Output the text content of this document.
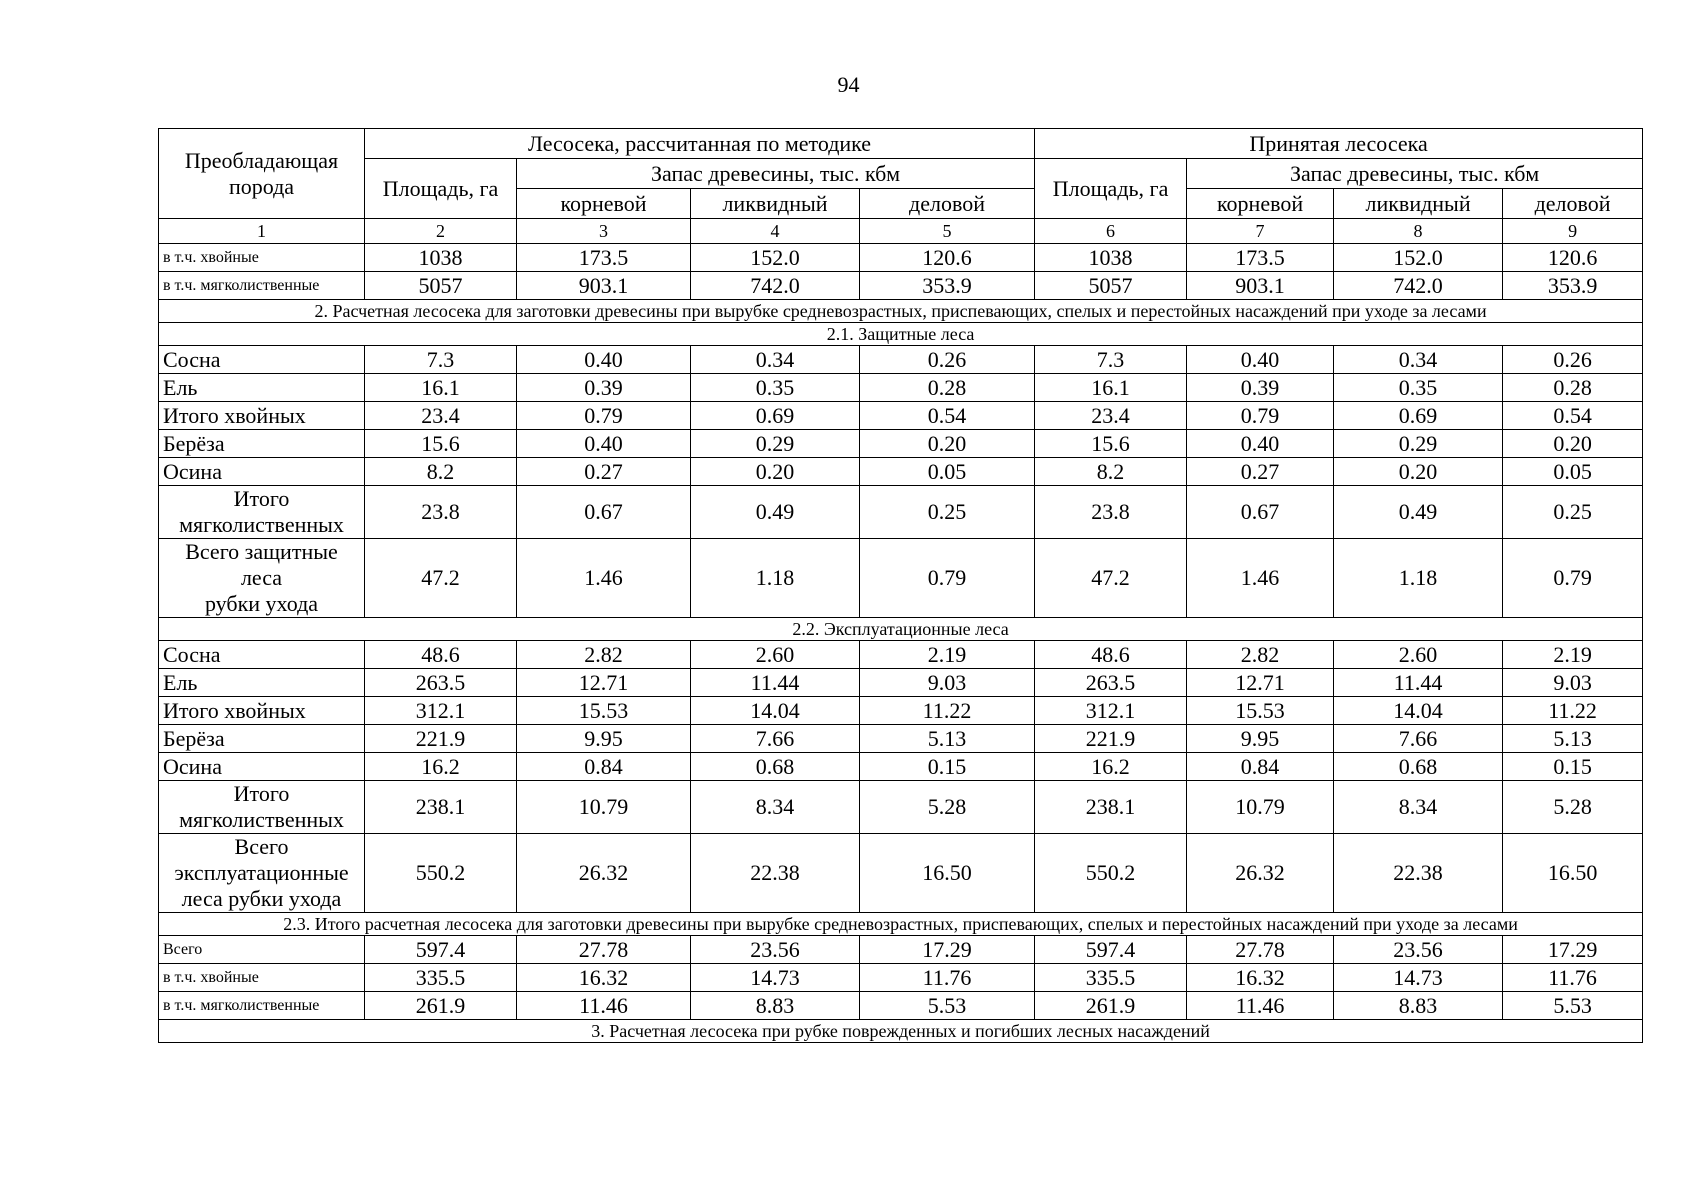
94
Преобладающая порода	Лесосека, рассчитанная по методике				Принятая лесосека			
	Площадь, га	Запас древесины, тыс. кбм			Площадь, га	Запас древесины, тыс. кбм		
		корневой	ликвидный	деловой		корневой	ликвидный	деловой
1	2	3	4	5	6	7	8	9
в т.ч. хвойные	1038	173.5	152.0	120.6	1038	173.5	152.0	120.6
в т.ч. мягколиственные	5057	903.1	742.0	353.9	5057	903.1	742.0	353.9
2. Расчетная лесосека для заготовки древесины при вырубке средневозрастных, приспевающих, спелых и перестойных насаждений при уходе за лесами								
2.1. Защитные леса								
Сосна	7.3	0.40	0.34	0.26	7.3	0.40	0.34	0.26
Ель	16.1	0.39	0.35	0.28	16.1	0.39	0.35	0.28
Итого хвойных	23.4	0.79	0.69	0.54	23.4	0.79	0.69	0.54
Берёза	15.6	0.40	0.29	0.20	15.6	0.40	0.29	0.20
Осина	8.2	0.27	0.20	0.05	8.2	0.27	0.20	0.05
Итого
мягколиственных	23.8	0.67	0.49	0.25	23.8	0.67	0.49	0.25
Всего защитные
леса
рубки ухода	47.2	1.46	1.18	0.79	47.2	1.46	1.18	0.79
2.2. Эксплуатационные леса								
Сосна	48.6	2.82	2.60	2.19	48.6	2.82	2.60	2.19
Ель	263.5	12.71	11.44	9.03	263.5	12.71	11.44	9.03
Итого хвойных	312.1	15.53	14.04	11.22	312.1	15.53	14.04	11.22
Берёза	221.9	9.95	7.66	5.13	221.9	9.95	7.66	5.13
Осина	16.2	0.84	0.68	0.15	16.2	0.84	0.68	0.15
Итого
мягколиственных	238.1	10.79	8.34	5.28	238.1	10.79	8.34	5.28
Всего
эксплуатационные
леса рубки ухода	550.2	26.32	22.38	16.50	550.2	26.32	22.38	16.50
2.3. Итого расчетная лесосека для заготовки древесины при вырубке средневозрастных, приспевающих, спелых и перестойных насаждений при уходе за лесами								
Всего	597.4	27.78	23.56	17.29	597.4	27.78	23.56	17.29
в т.ч. хвойные	335.5	16.32	14.73	11.76	335.5	16.32	14.73	11.76
в т.ч. мягколиственные	261.9	11.46	8.83	5.53	261.9	11.46	8.83	5.53
3. Расчетная лесосека при рубке поврежденных и погибших лесных насаждений								
